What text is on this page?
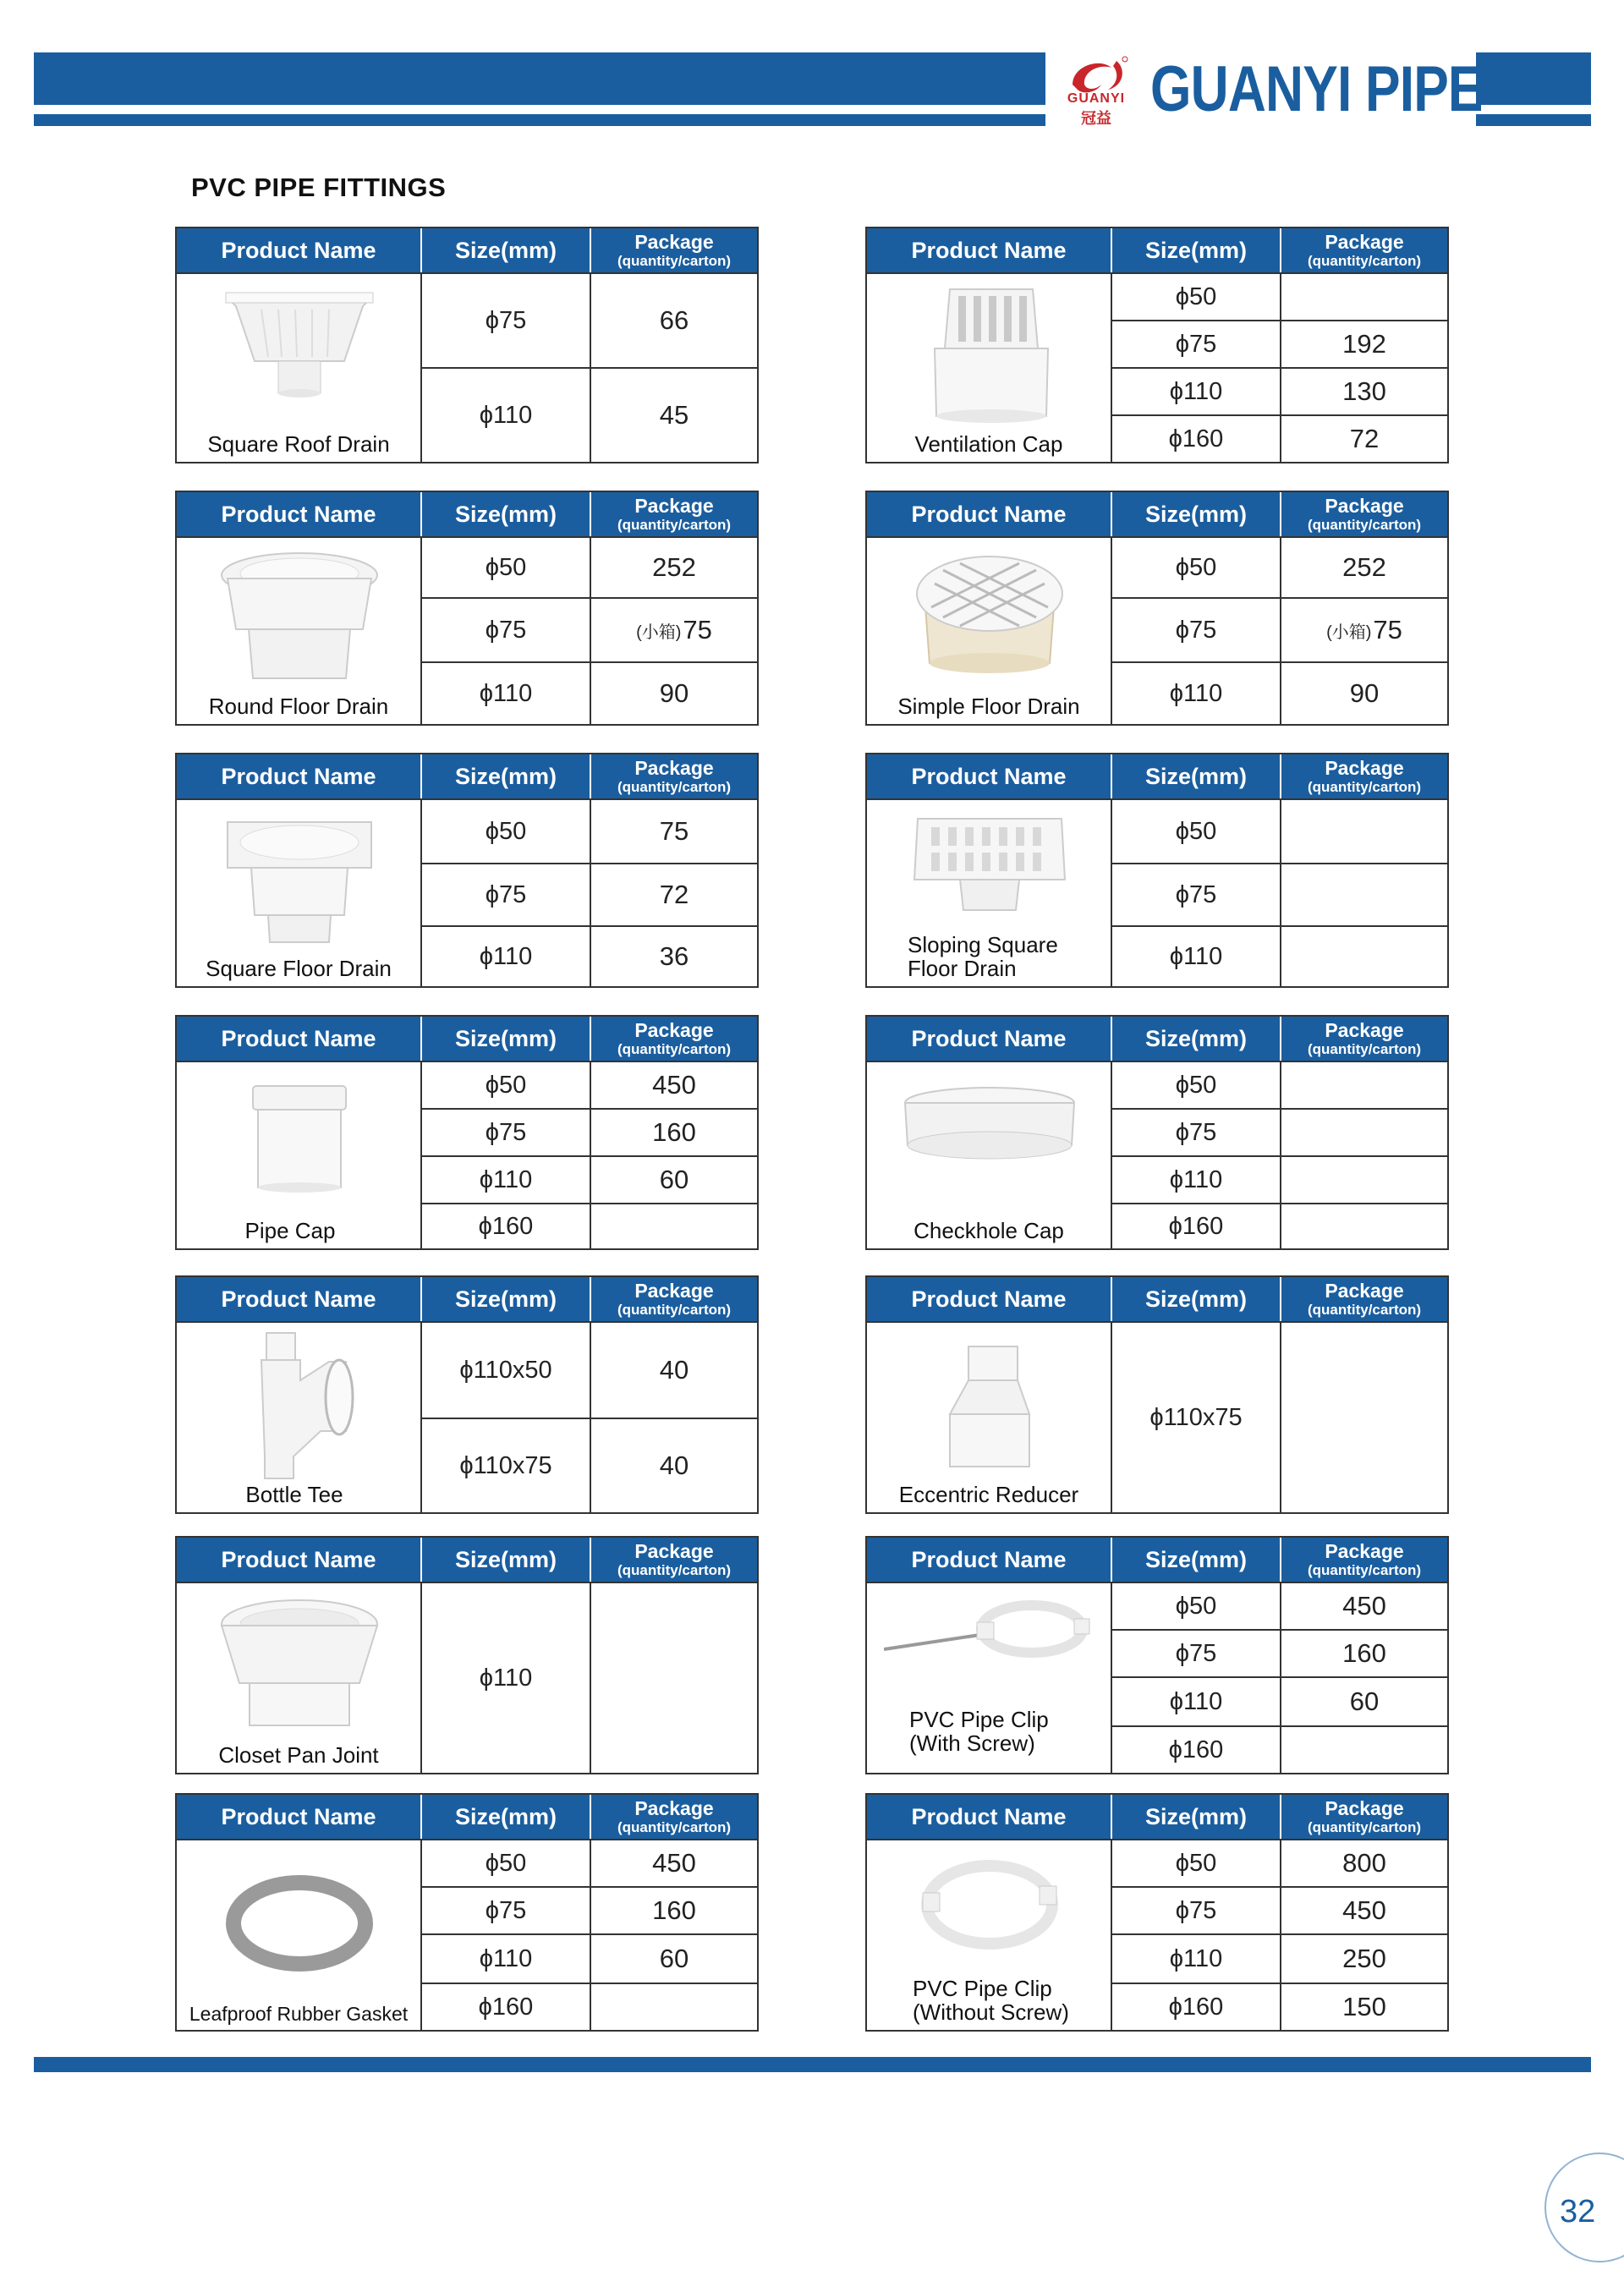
GUANYI
冠益 GUANYI PIPE
PVC PIPE FITTINGS
Product Name	Size(mm)	Package
(quantity/carton)
Square Roof Drain
ϕ75	66
ϕ110	45
Product Name	Size(mm)	Package
(quantity/carton)
Ventilation Cap
ϕ50
ϕ75	192
ϕ110	130
ϕ160	72
Product Name	Size(mm)	Package
(quantity/carton)
Round Floor Drain
ϕ50	252
ϕ75	(小箱) 75
ϕ110	90
Product Name	Size(mm)	Package
(quantity/carton)
Simple Floor Drain
ϕ50	252
ϕ75	(小箱) 75
ϕ110	90
Product Name	Size(mm)	Package
(quantity/carton)
Square Floor Drain
ϕ50	75
ϕ75	72
ϕ110	36
Product Name	Size(mm)	Package
(quantity/carton)
Sloping Square
Floor Drain
ϕ50
ϕ75
ϕ110
Product Name	Size(mm)	Package
(quantity/carton)
Pipe Cap
ϕ50	450
ϕ75	160
ϕ110	60
ϕ160
Product Name	Size(mm)	Package
(quantity/carton)
Checkhole Cap
ϕ50
ϕ75
ϕ110
ϕ160
Product Name	Size(mm)	Package
(quantity/carton)
Bottle Tee
ϕ110x50	40
ϕ110x75	40
Product Name	Size(mm)	Package
(quantity/carton)
Eccentric Reducer
ϕ110x75
Product Name	Size(mm)	Package
(quantity/carton)
Closet Pan Joint
ϕ110
Product Name	Size(mm)	Package
(quantity/carton)
PVC Pipe Clip
(With Screw)
ϕ50	450
ϕ75	160
ϕ110	60
ϕ160
Product Name	Size(mm)	Package
(quantity/carton)
Leafproof Rubber Gasket
ϕ50	450
ϕ75	160
ϕ110	60
ϕ160
Product Name	Size(mm)	Package
(quantity/carton)
PVC Pipe Clip
(Without Screw)
ϕ50	800
ϕ75	450
ϕ110	250
ϕ160	150
32
